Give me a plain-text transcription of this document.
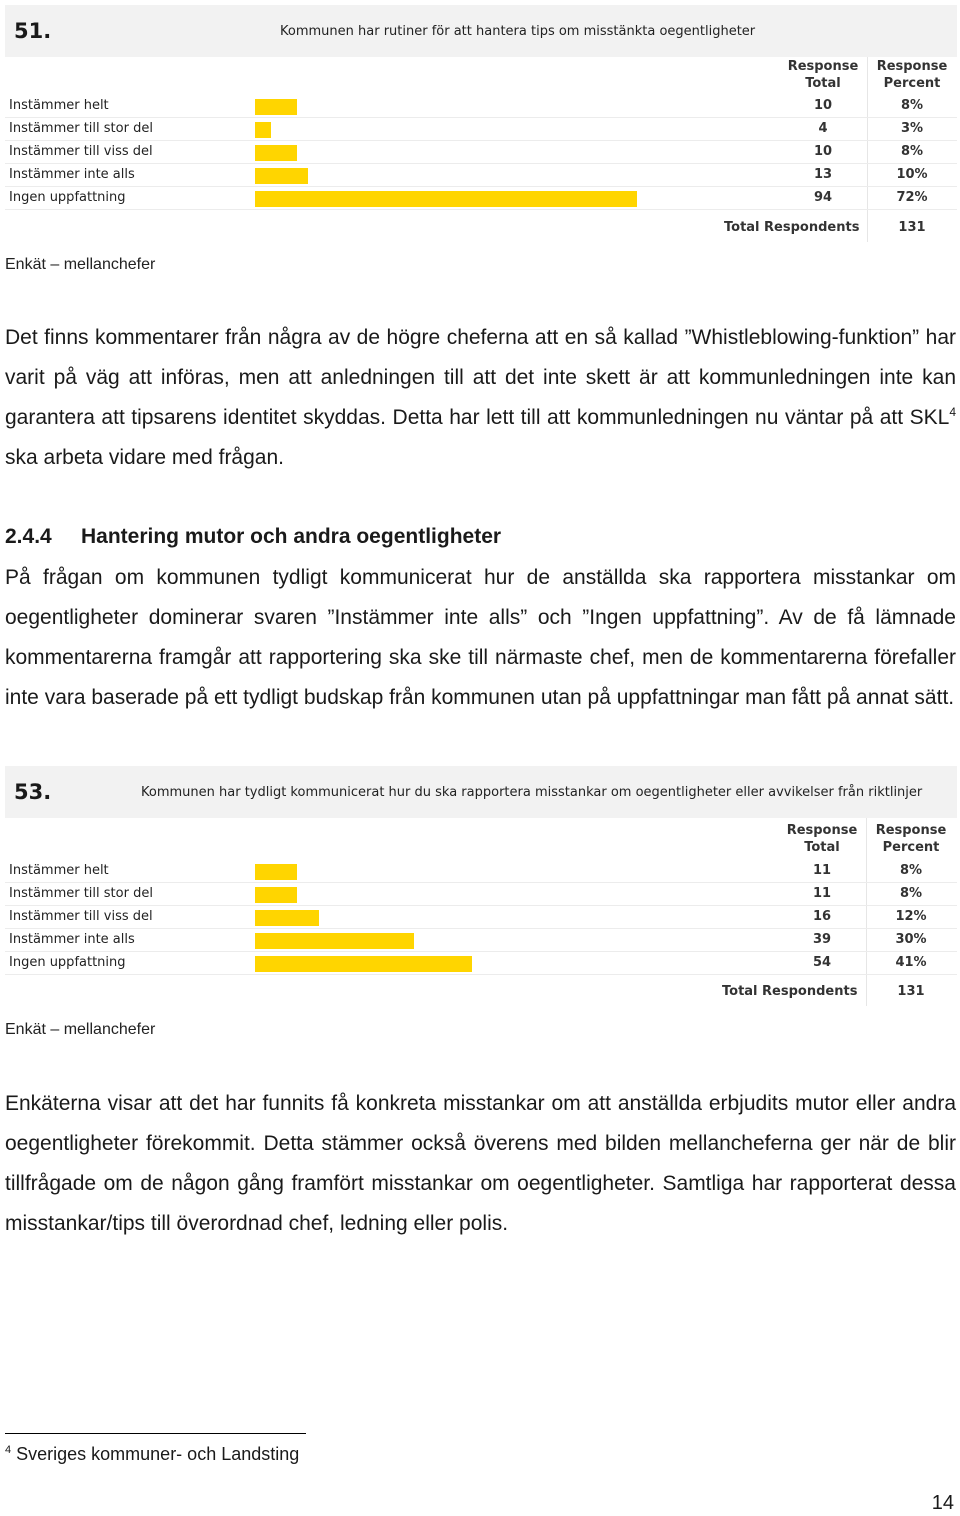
51.	Kommunen har rutiner för att hantera tips om misstänkta oegentligheter
Response Total
Response Percent
Instämmer helt	10	8%
Instämmer till stor del	4	3%
Instämmer till viss del	10	8%
Instämmer inte alls	13	10%
Ingen uppfattning	94	72%
Total Respondents	131
Enkät – mellanchefer

Det finns kommentarer från några av de högre cheferna att en så kallad ”Whistleblowing-funktion” har varit på väg att införas, men att anledningen till att det inte skett är att kommunledningen inte kan garantera att tipsarens identitet skyddas. Detta har lett till att kommunledningen nu väntar på att SKL$^4$ ska arbeta vidare med frågan.

2.4.4 Hantering mutor och andra oegentligheter

På frågan om kommunen tydligt kommunicerat hur de anställda ska rapportera misstankar om oegentligheter dominerar svaren ”Instämmer inte alls” och ”Ingen uppfattning”. Av de få lämnade kommentarerna framgår att rapportering ska ske till närmaste chef, men de kommentarerna förefaller inte vara baserade på ett tydligt budskap från kommunen utan på uppfattningar man fått på annat sätt.

53.	Kommunen har tydligt kommunicerat hur du ska rapportera misstankar om oegentligheter eller avvikelser från riktlinjer
Response Total
Response Percent
Instämmer helt	11	8%
Instämmer till stor del	11	8%
Instämmer till viss del	16	12%
Instämmer inte alls	39	30%
Ingen uppfattning	54	41%
Total Respondents	131
Enkät – mellanchefer

Enkäterna visar att det har funnits få konkreta misstankar om att anställda erbjudits mutor eller andra oegentligheter förekommit. Detta stämmer också överens med bilden mellancheferna ger när de blir tillfrågade om de någon gång framfört misstankar om oegentligheter. Samtliga har rapporterat dessa misstankar/tips till överordnad chef, ledning eller polis.

$^4$ Sveriges kommuner- och Landsting
14
